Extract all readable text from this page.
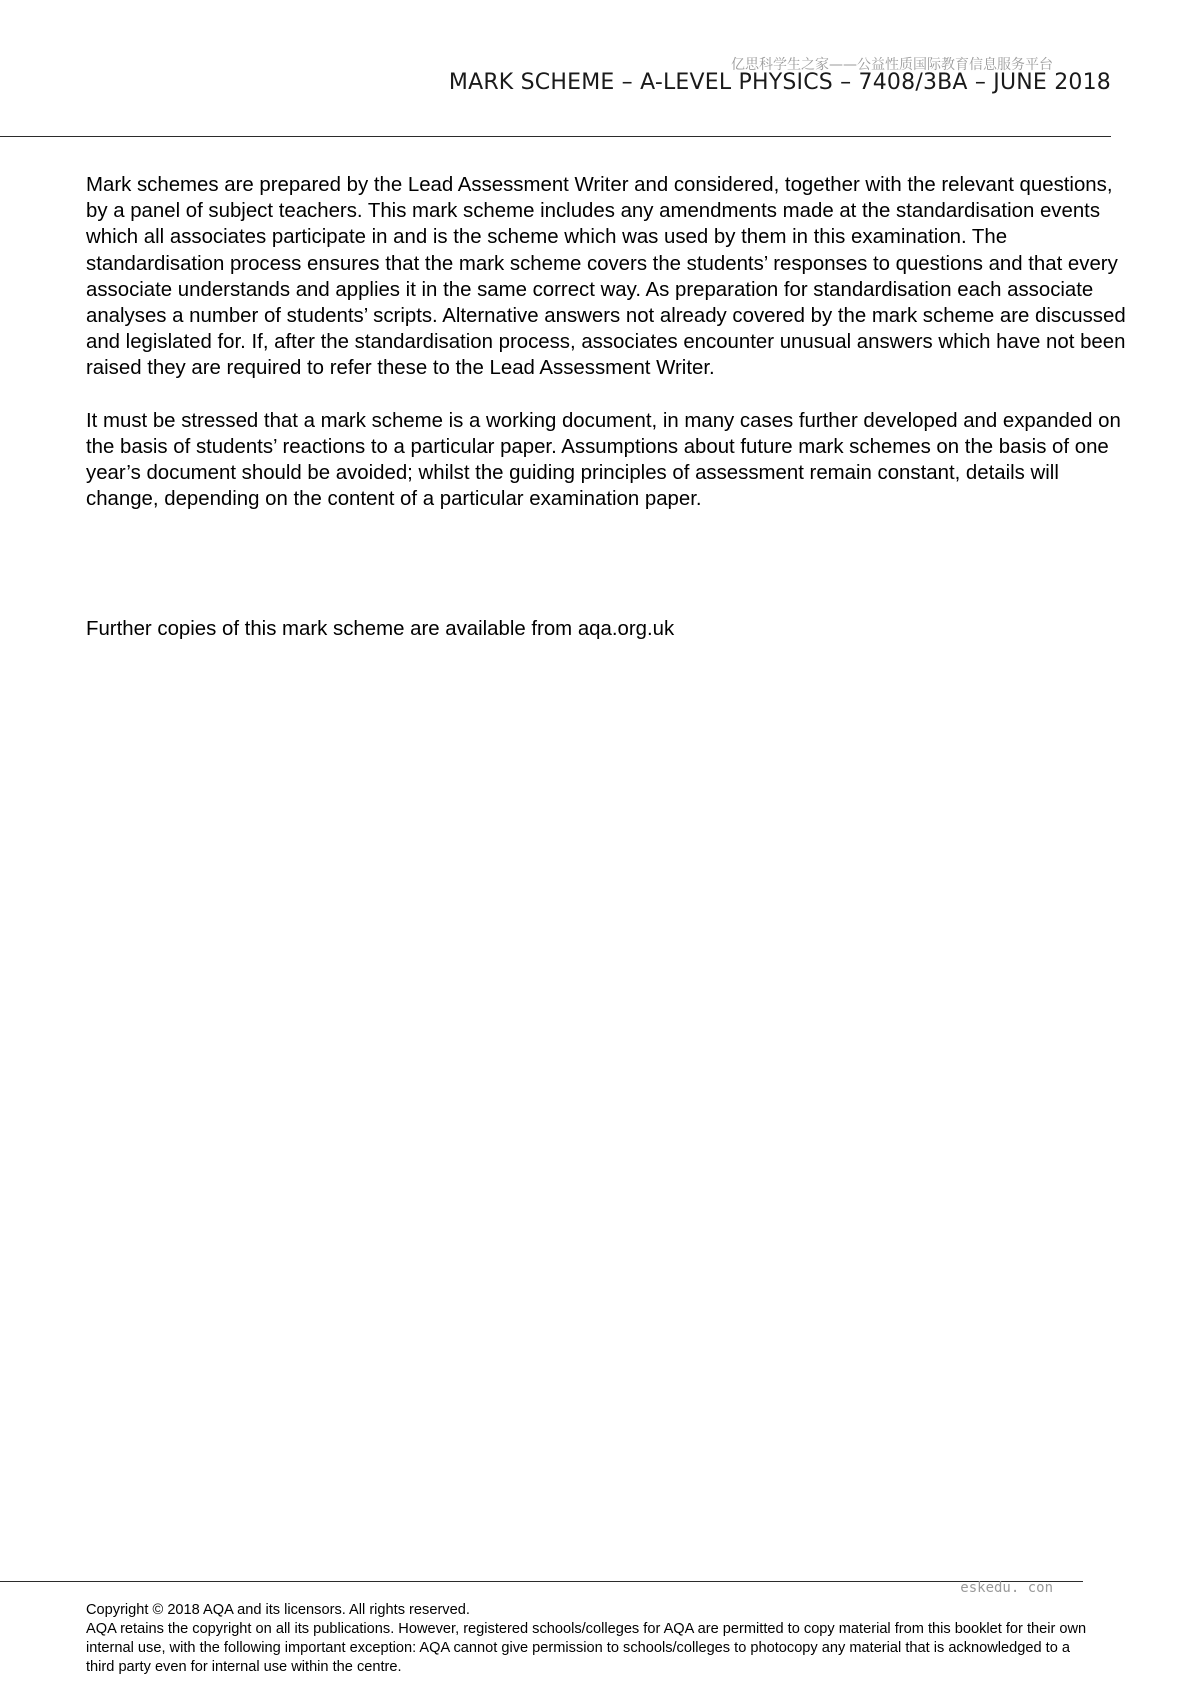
亿思科学生之家——公益性质国际教育信息服务平台
MARK SCHEME – A-LEVEL PHYSICS – 7408/3BA – JUNE 2018

Mark schemes are prepared by the Lead Assessment Writer and considered, together with the relevant questions, by a panel of subject teachers. This mark scheme includes any amendments made at the standardisation events which all associates participate in and is the scheme which was used by them in this examination. The standardisation process ensures that the mark scheme covers the students’ responses to questions and that every associate understands and applies it in the same correct way. As preparation for standardisation each associate analyses a number of students’ scripts. Alternative answers not already covered by the mark scheme are discussed and legislated for. If, after the standardisation process, associates encounter unusual answers which have not been raised they are required to refer these to the Lead Assessment Writer.

It must be stressed that a mark scheme is a working document, in many cases further developed and expanded on the basis of students’ reactions to a particular paper. Assumptions about future mark schemes on the basis of one year’s document should be avoided; whilst the guiding principles of assessment remain constant, details will change, depending on the content of a particular examination paper.

Further copies of this mark scheme are available from aqa.org.uk

eskedu. con

Copyright © 2018 AQA and its licensors. All rights reserved.

AQA retains the copyright on all its publications. However, registered schools/colleges for AQA are permitted to copy material from this booklet for their own internal use, with the following important exception: AQA cannot give permission to schools/colleges to photocopy any material that is acknowledged to a third party even for internal use within the centre.
